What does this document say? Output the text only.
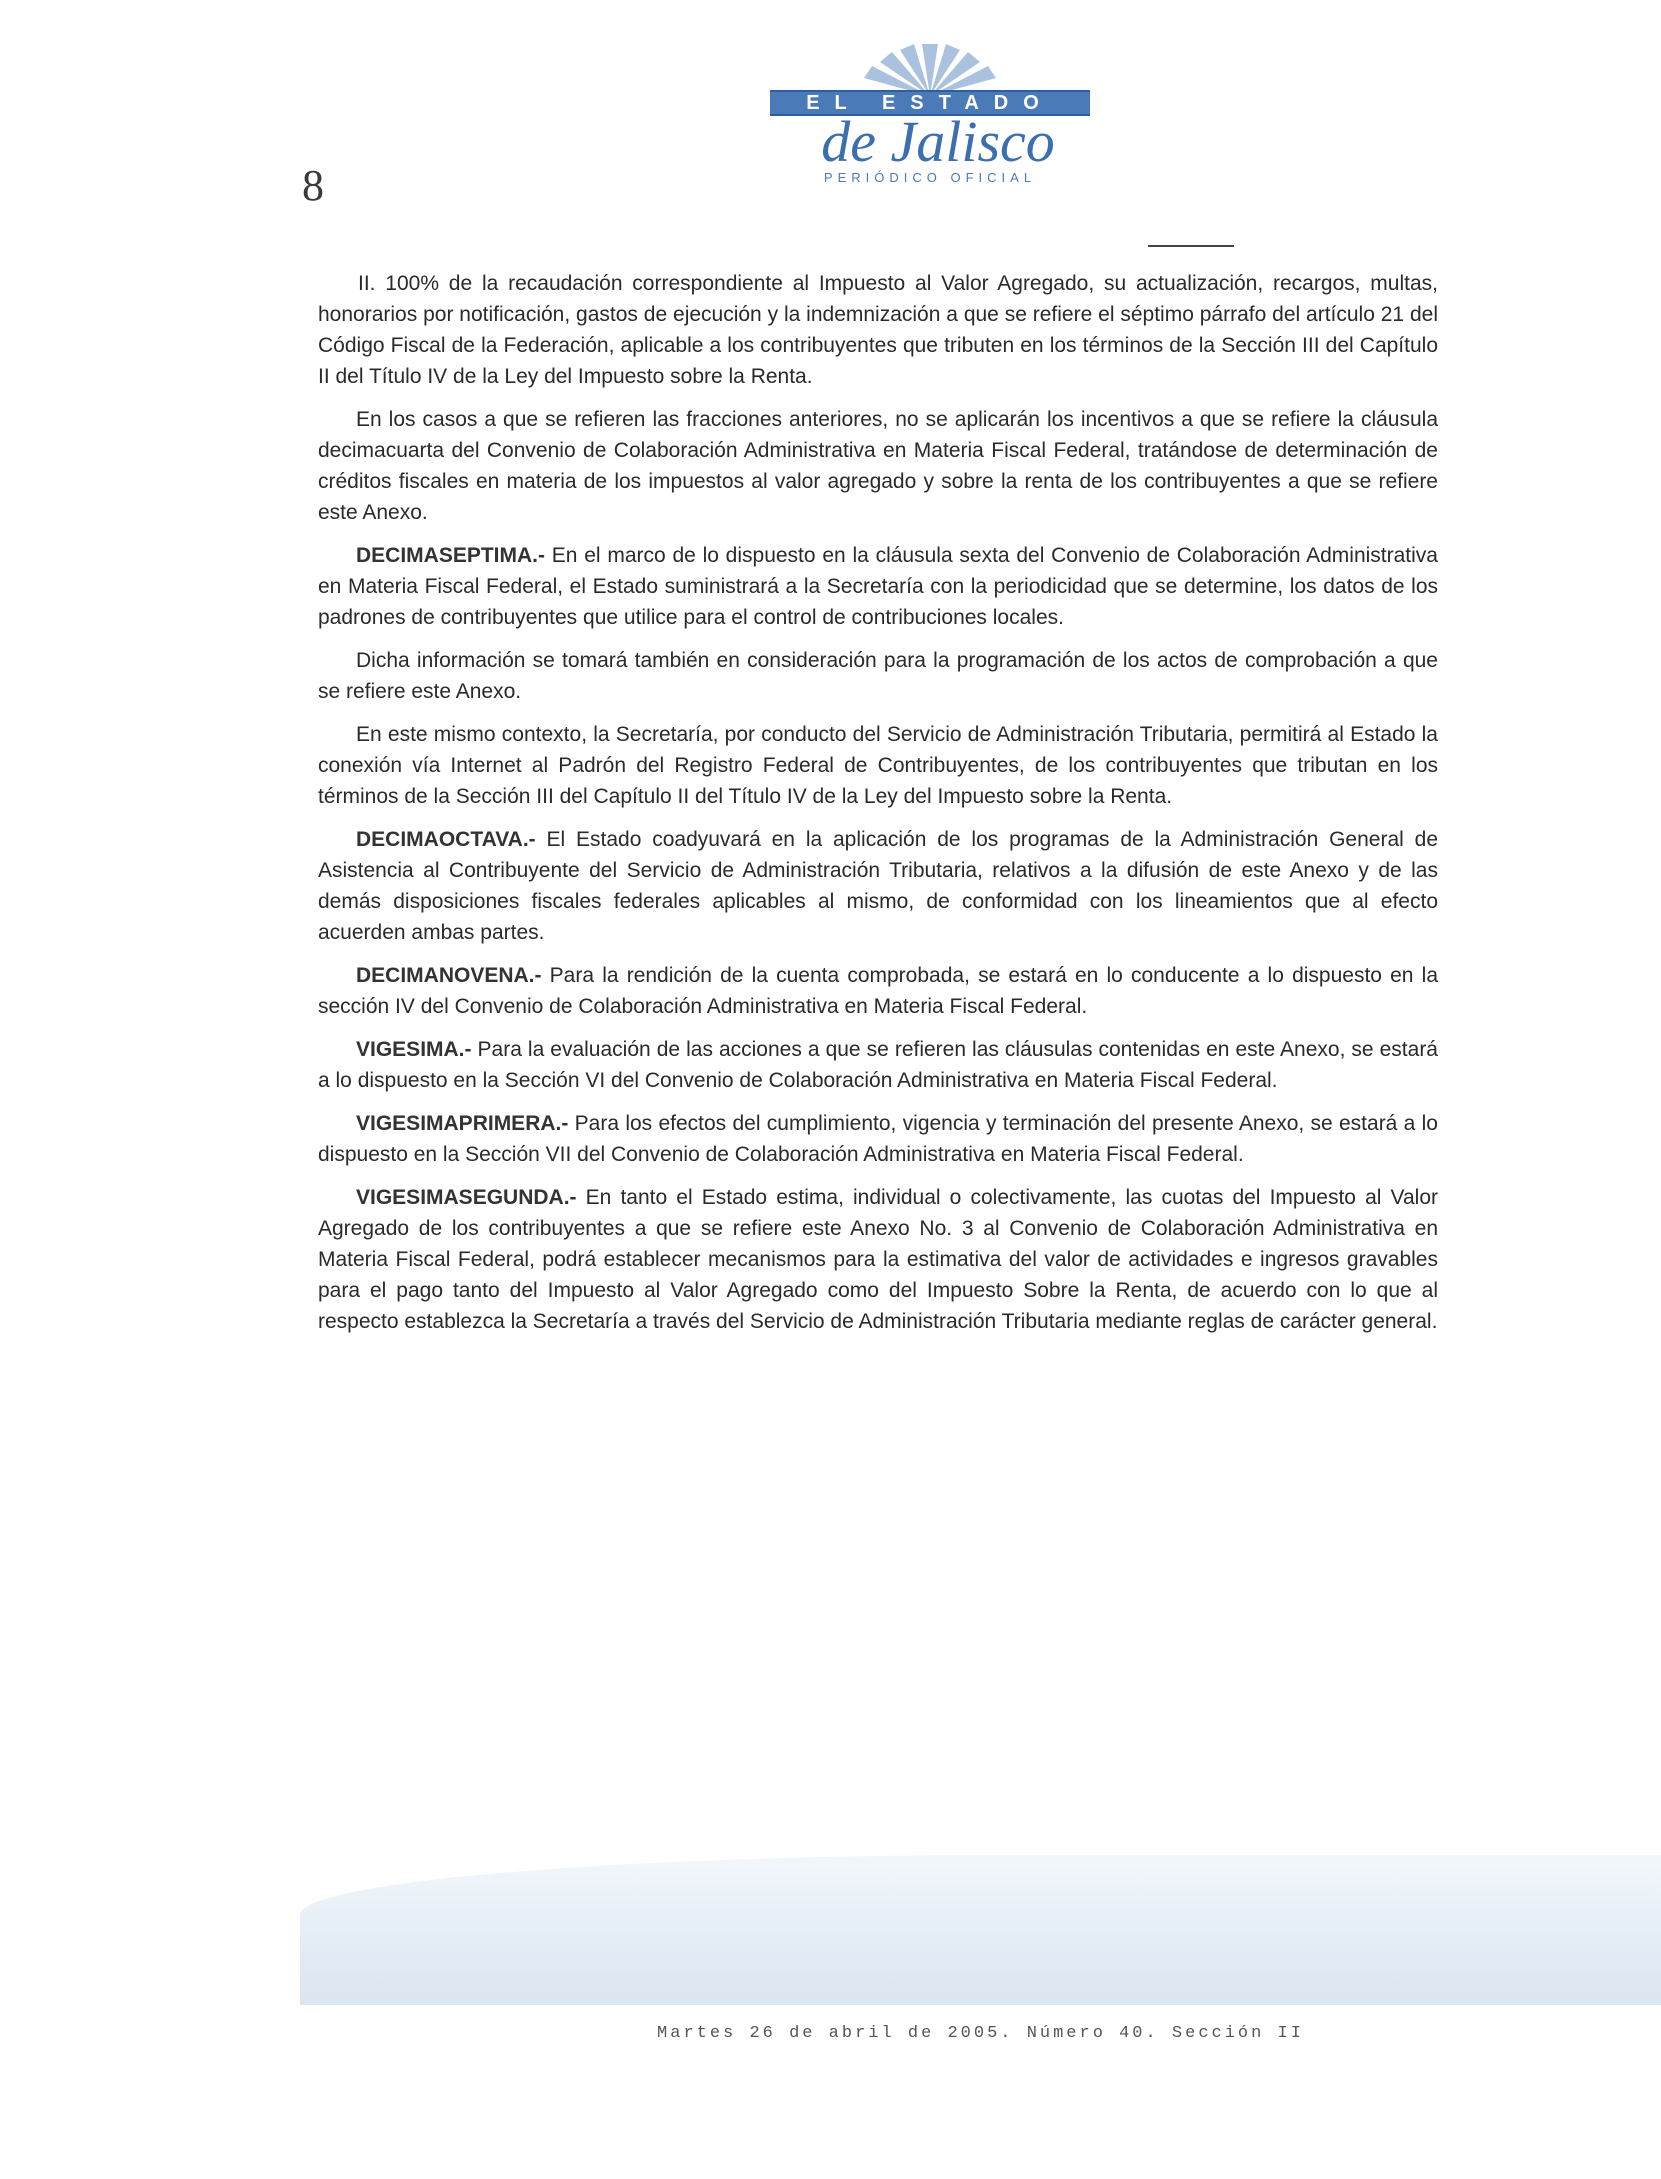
8
EL ESTADO
de Jalisco
PERIÓDICO OFICIAL

II. 100% de la recaudación correspondiente al Impuesto al Valor Agregado, su actualización, recargos, multas, honorarios por notificación, gastos de ejecución y la indemnización a que se refiere el séptimo párrafo del artículo 21 del Código Fiscal de la Federación, aplicable a los contribuyentes que tributen en los términos de la Sección III del Capítulo II del Título IV de la Ley del Impuesto sobre la Renta.

En los casos a que se refieren las fracciones anteriores, no se aplicarán los incentivos a que se refiere la cláusula decimacuarta del Convenio de Colaboración Administrativa en Materia Fiscal Federal, tratándose de determinación de créditos fiscales en materia de los impuestos al valor agregado y sobre la renta de los contribuyentes a que se refiere este Anexo.

DECIMASEPTIMA.- En el marco de lo dispuesto en la cláusula sexta del Convenio de Colaboración Administrativa en Materia Fiscal Federal, el Estado suministrará a la Secretaría con la periodicidad que se determine, los datos de los padrones de contribuyentes que utilice para el control de contribuciones locales.

Dicha información se tomará también en consideración para la programación de los actos de comprobación a que se refiere este Anexo.

En este mismo contexto, la Secretaría, por conducto del Servicio de Administración Tributaria, permitirá al Estado la conexión vía Internet al Padrón del Registro Federal de Contribuyentes, de los contribuyentes que tributan en los términos de la Sección III del Capítulo II del Título IV de la Ley del Impuesto sobre la Renta.

DECIMAOCTAVA.- El Estado coadyuvará en la aplicación de los programas de la Administración General de Asistencia al Contribuyente del Servicio de Administración Tributaria, relativos a la difusión de este Anexo y de las demás disposiciones fiscales federales aplicables al mismo, de conformidad con los lineamientos que al efecto acuerden ambas partes.

DECIMANOVENA.- Para la rendición de la cuenta comprobada, se estará en lo conducente a lo dispuesto en la sección IV del Convenio de Colaboración Administrativa en Materia Fiscal Federal.

VIGESIMA.- Para la evaluación de las acciones a que se refieren las cláusulas contenidas en este Anexo, se estará a lo dispuesto en la Sección VI del Convenio de Colaboración Administrativa en Materia Fiscal Federal.

VIGESIMAPRIMERA.- Para los efectos del cumplimiento, vigencia y terminación del presente Anexo, se estará a lo dispuesto en la Sección VII del Convenio de Colaboración Administrativa en Materia Fiscal Federal.

VIGESIMASEGUNDA.- En tanto el Estado estima, individual o colectivamente, las cuotas del Impuesto al Valor Agregado de los contribuyentes a que se refiere este Anexo No. 3 al Convenio de Colaboración Administrativa en Materia Fiscal Federal, podrá establecer mecanismos para la estimativa del valor de actividades e ingresos gravables para el pago tanto del Impuesto al Valor Agregado como del Impuesto Sobre la Renta, de acuerdo con lo que al respecto establezca la Secretaría a través del Servicio de Administración Tributaria mediante reglas de carácter general.

Martes 26 de abril de 2005. Número 40. Sección II
